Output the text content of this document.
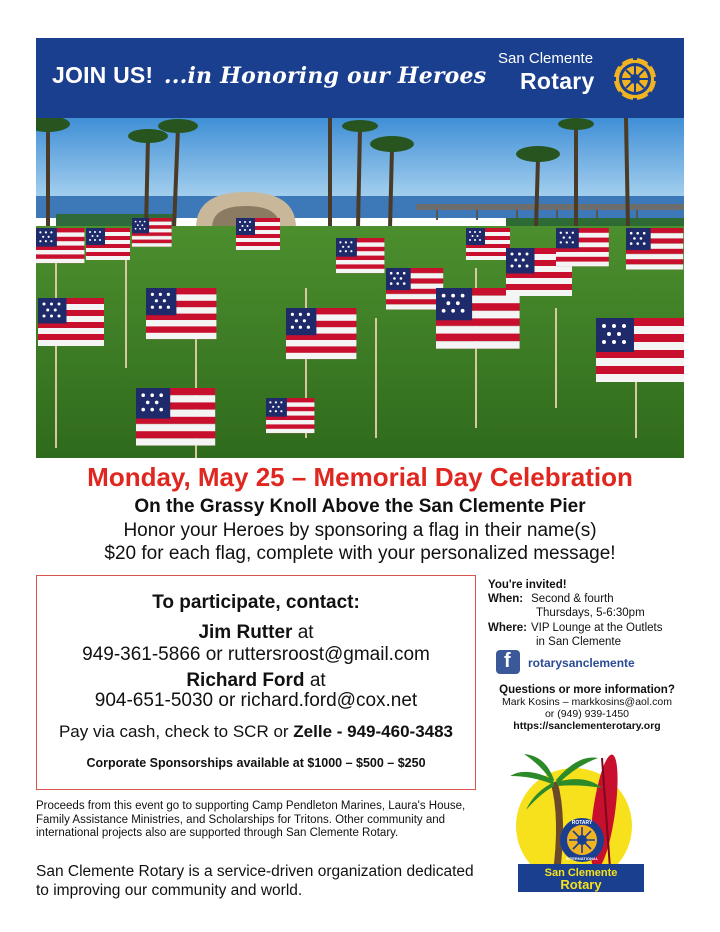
JOIN US! ...in Honoring our Heroes
San Clemente
Rotary
Monday, May 25 – Memorial Day Celebration
On the Grassy Knoll Above the San Clemente Pier
Honor your Heroes by sponsoring a flag in their name(s)
$20 for each flag, complete with your personalized message!
To participate, contact:
Jim Rutter at
949-361-5866 or ruttersroost@gmail.com
Richard Ford at
904-651-5030 or richard.ford@cox.net
Pay via cash, check to SCR or Zelle - 949-460-3483
Corporate Sponsorships available at $1000 – $500 – $250
You're invited!
When: Second & fourth
Thursdays, 5-6:30pm
Where: VIP Lounge at the Outlets
in San Clemente
f rotarysanclemente
Questions or more information?
Mark Kosins – markkosins@aol.com
or (949) 939-1450
https://sanclementerotary.org
ROTARY
INTERNATIONAL
San Clemente
Rotary
Proceeds from this event go to supporting Camp Pendleton Marines, Laura's House, Family Assistance Ministries, and Scholarships for Tritons. Other community and international projects also are supported through San Clemente Rotary.
San Clemente Rotary is a service-driven organization dedicated to improving our community and world.
